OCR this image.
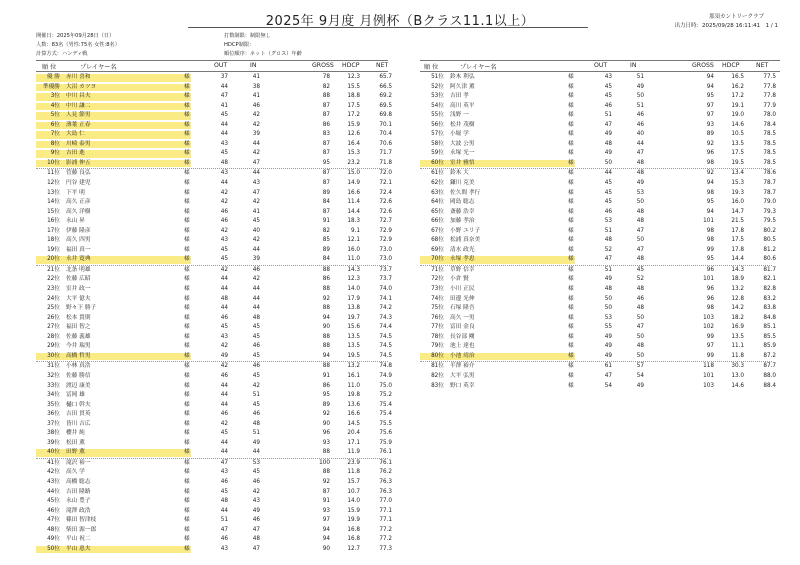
2025年 9月度 月例杯（Bクラス11.1以上）	那須カントリークラブ
出力日時：2025/09/28 16:11:41　1 / 1
開催日：2025年09月28日（日）
人数：83名（男性:75名 女性:8名）
計算方式：ハンディ戦
打数制限：制限無し
HDCP制限：
順位順序：ネット（グロス）年齢
順 位	プレイヤー名	OUT	IN	GROSS HDCP	NET	順 位	プレイヤー名	OUT	IN	GROSS HDCP	NET
優 勝 赤川 喜和	様	37	41	78	12.3	65.7
準優勝 大沼 カツヨ	様	44	38	82	15.5	66.5
3位 中川 昌夫	様	47	41	88	18.8	69.2
4位 中川 謙二	様	41	46	87	17.5	69.5
5位 人見 節男	様	45	42	87	17.2	69.8
6位 薄葉 正春	様	44	42	86	15.9	70.1
7位 大島 仁	様	44	39	83	12.6	70.4
8位 川崎 泰男	様	43	44	87	16.4	70.6
9位 吉田 進	様	45	42	87	15.3	71.7
10位 影浦 伸五	様	48	47	95	23.2	71.8
11位 菅藤 良弘	様	43	44	87	15.0	72.0
12位 円谷 建児	様	44	43	87	14.9	72.1
13位 下平 明	様	42	47	89	16.6	72.4
14位 高久 正彦	様	42	42	84	11.4	72.6
15位 高久 洋樹	様	46	41	87	14.4	72.6
16位 永山 昇	様	46	45	91	18.3	72.7
17位 伊藤 隆彦	様	42	40	82	9.1	72.9
18位 高久 四男	様	43	42	85	12.1	72.9
19位 福田 真一	様	45	44	89	16.0	73.0
20位 永井 寛典	様	45	39	84	11.0	73.0
21位 北条 明雄	様	42	46	88	14.3	73.7
22位 佐藤 広昭	様	44	42	86	12.3	73.7
23位 室井 政一	様	44	44	88	14.0	74.0
24位 大平 億夫	様	48	44	92	17.9	74.1
25位 野々下 勝子	様	44	44	88	13.8	74.2
26位 松本 貴則	様	46	48	94	19.7	74.3
27位 福田 智之	様	45	45	90	15.6	74.4
28位 佐藤 義雄	様	43	45	88	13.5	74.5
29位 今井 瑞男	様	42	46	88	13.5	74.5
30位 高橋 哲男	様	49	45	94	19.5	74.5
31位 小林 真浩	様	42	46	88	13.2	74.8
32位 佐藤 勝信	様	46	45	91	16.1	74.9
33位 渡辺 康美	様	44	42	86	11.0	75.0
34位 冨岡 雄	様	44	51	95	19.8	75.2
35位 樋口 幹夫	様	44	45	89	13.6	75.4
36位 吉田 貫英	様	46	46	92	16.6	75.4
37位 皆川 吉広	様	42	48	90	14.5	75.5
38位 櫻井 純	様	45	51	96	20.4	75.6
39位 松田 薫	様	44	49	93	17.1	75.9
40位 田野 薫	様	44	44	88	11.9	76.1
41位 滝沢 裕一	様	47	53	100	23.9	76.1
42位 高久 学	様	43	45	88	11.8	76.2
43位 高橋 聡志	様	46	46	92	15.7	76.3
44位 吉田 隆路	様	45	42	87	10.7	76.3
45位 永山 豊子	様	48	43	91	14.0	77.0
46位 滝澤 政浩	様	44	49	93	15.9	77.1
47位 篠田 智津枝	様	51	46	97	19.9	77.1
48位 柴田 源一郎	様	47	47	94	16.8	77.2
49位 平山 祝二	様	46	48	94	16.8	77.2
50位 平山 恵夫	様	43	47	90	12.7	77.3
51位 鈴木 利弘	様	43	51	94	16.5	77.5
52位 阿久津 薫	様	45	49	94	16.2	77.8
53位 吉田 孝	様	45	50	95	17.2	77.8
54位 高川 英平	様	46	51	97	19.1	77.9
55位 浅野 一	様	51	46	97	19.0	78.0
56位 松井 茂樹	様	47	46	93	14.6	78.4
57位 小堀 学	様	49	40	89	10.5	78.5
58位 大波 公男	様	48	44	92	13.5	78.5
59位 永塚 光一	様	49	47	96	17.5	78.5
60位 室井 雅悟	様	50	48	98	19.5	78.5
61位 鈴木 大	様	44	48	92	13.4	78.6
62位 鎌川 克美	様	45	49	94	15.3	78.7
63位 佐久間 孝行	様	45	53	98	19.3	78.7
64位 岡島 聡志	様	45	50	95	16.0	79.0
65位 斎藤 浩幸	様	46	48	94	14.7	79.3
66位 加藤 孝治	様	53	48	101	21.5	79.5
67位 小野 ユリ子	様	51	47	98	17.8	80.2
68位 松浦 真奈美	様	48	50	98	17.5	80.5
69位 清水 政光	様	52	47	99	17.8	81.2
70位 永塚 孝恵	様	47	48	95	14.4	80.6
71位 草野 信幸	様	51	45	96	14.3	81.7
72位 小倉 賢	様	49	52	101	18.9	82.1
73位 小川 正民	様	48	48	96	13.2	82.8
74位 田邊 光伸	様	50	46	96	12.8	83.2
75位 石塚 隆吾	様	50	48	98	14.2	83.8
76位 高久 一男	様	53	50	103	18.2	84.8
77位 冨田 金良	様	55	47	102	16.9	85.1
78位 長谷部 剛	様	49	50	99	13.5	85.5
79位 池上 達也	様	49	48	97	11.1	85.9
80位 小池 靖治	様	49	50	99	11.8	87.2
81位 半澤 裕介	様	61	57	118	30.3	87.7
82位 大平 弘男	様	47	54	101	13.0	88.0
83位 野口 英幸	様	54	49	103	14.6	88.4
